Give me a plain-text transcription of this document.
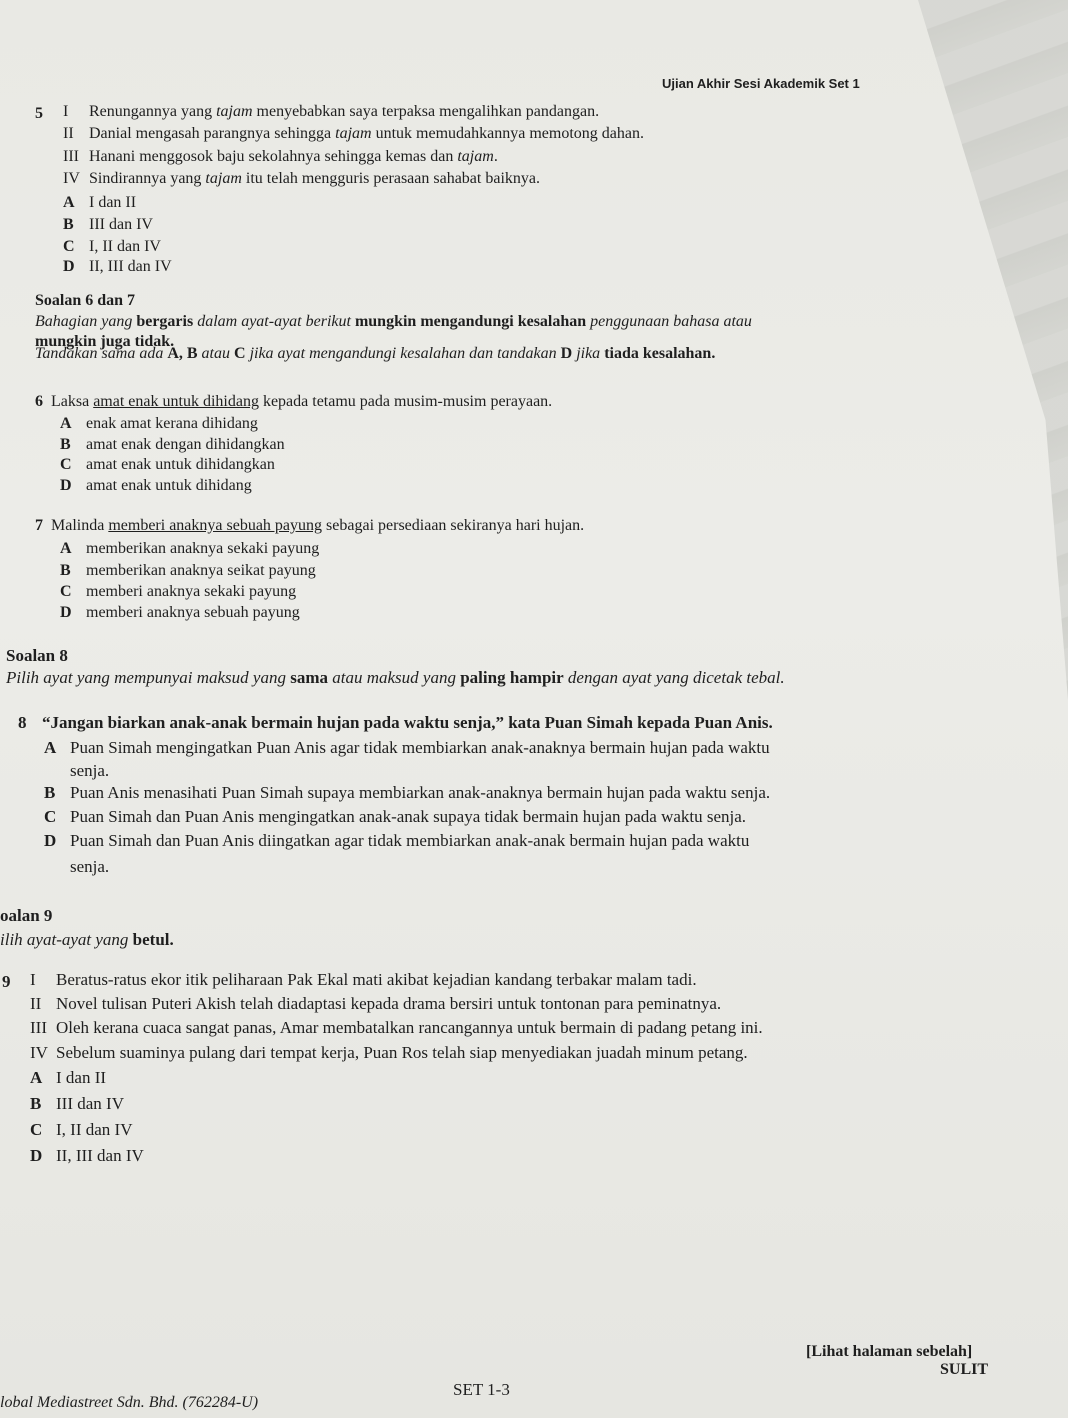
Ujian Akhir Sesi Akademik Set 1
5 I Renungannya yang tajam menyebabkan saya terpaksa mengalihkan pandangan.
II Danial mengasah parangnya sehingga tajam untuk memudahkannya memotong dahan.
III Hanani menggosok baju sekolahnya sehingga kemas dan tajam.
IV Sindirannya yang tajam itu telah mengguris perasaan sahabat baiknya.
A I dan II
B III dan IV
C I, II dan IV
D II, III dan IV
Soalan 6 dan 7
Bahagian yang bergaris dalam ayat-ayat berikut mungkin mengandungi kesalahan penggunaan bahasa atau
mungkin juga tidak.
Tandakan sama ada A, B atau C jika ayat mengandungi kesalahan dan tandakan D jika tiada kesalahan.
6 Laksa amat enak untuk dihidang kepada tetamu pada musim-musim perayaan.
A enak amat kerana dihidang
B amat enak dengan dihidangkan
C amat enak untuk dihidangkan
D amat enak untuk dihidang
7 Malinda memberi anaknya sebuah payung sebagai persediaan sekiranya hari hujan.
A memberikan anaknya sekaki payung
B memberikan anaknya seikat payung
C memberi anaknya sekaki payung
D memberi anaknya sebuah payung
Soalan 8
Pilih ayat yang mempunyai maksud yang sama atau maksud yang paling hampir dengan ayat yang dicetak tebal.
8 “Jangan biarkan anak-anak bermain hujan pada waktu senja,” kata Puan Simah kepada Puan Anis.
A Puan Simah mengingatkan Puan Anis agar tidak membiarkan anak-anaknya bermain hujan pada waktu
senja.
B Puan Anis menasihati Puan Simah supaya membiarkan anak-anaknya bermain hujan pada waktu senja.
C Puan Simah dan Puan Anis mengingatkan anak-anak supaya tidak bermain hujan pada waktu senja.
D Puan Simah dan Puan Anis diingatkan agar tidak membiarkan anak-anak bermain hujan pada waktu
senja.
oalan 9
ilih ayat-ayat yang betul.
9 I Beratus-ratus ekor itik peliharaan Pak Ekal mati akibat kejadian kandang terbakar malam tadi.
II Novel tulisan Puteri Akish telah diadaptasi kepada drama bersiri untuk tontonan para peminatnya.
III Oleh kerana cuaca sangat panas, Amar membatalkan rancangannya untuk bermain di padang petang ini.
IV Sebelum suaminya pulang dari tempat kerja, Puan Ros telah siap menyediakan juadah minum petang.
A I dan II
B III dan IV
C I, II dan IV
D II, III dan IV
[Lihat halaman sebelah]
SULIT
SET 1-3
lobal Mediastreet Sdn. Bhd. (762284-U)
